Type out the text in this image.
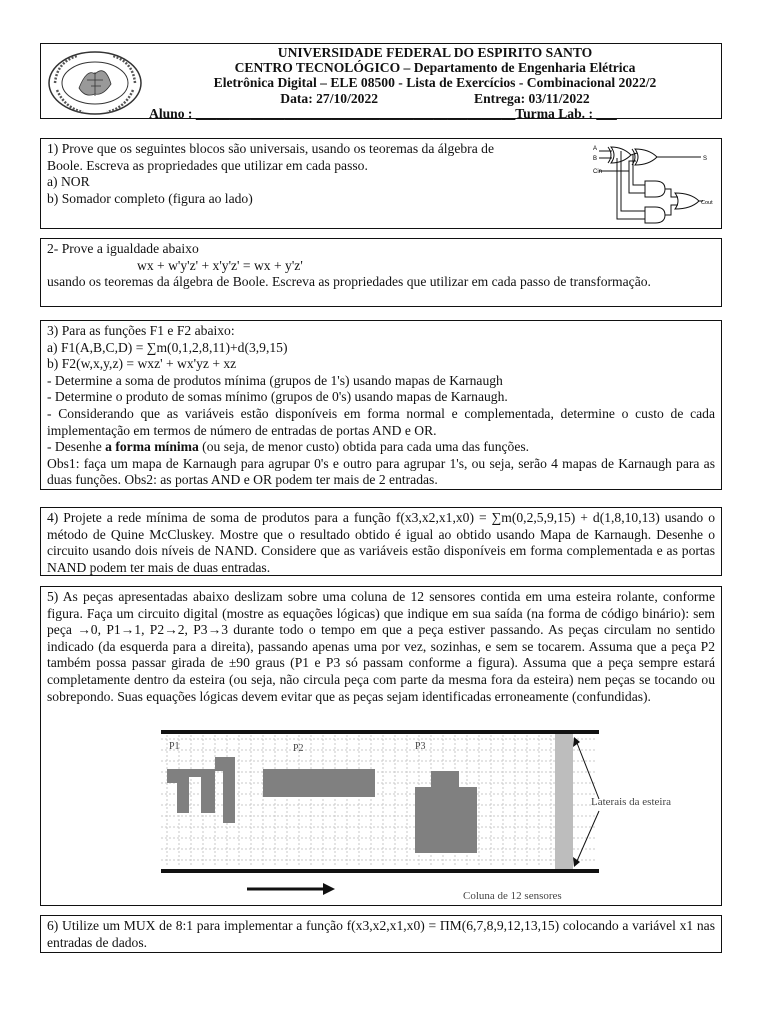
UNIVERSIDADE FEDERAL DO ESPIRITO SANTO
CENTRO TECNOLÓGICO – Departamento de Engenharia Elétrica
Eletrônica Digital – ELE 08500 - Lista de Exercícios - Combinacional 2022/2
Data: 27/10/2022	Entrega: 03/11/2022
Aluno : _______________________________________________Turma Lab. : ___
1) Prove que os seguintes blocos são universais, usando os teoremas da álgebra de
Boole. Escreva as propriedades que utilizar em cada passo.
a) NOR
b) Somador completo (figura ao lado)
A
B
Cin
S
Cout
2- Prove a igualdade abaixo
wx + w'y'z' + x'y'z' = wx + y'z'
usando os teoremas da álgebra de Boole. Escreva as propriedades que utilizar em cada passo de transformação.
3) Para as funções F1 e F2 abaixo:
a) F1(A,B,C,D) = ∑m(0,1,2,8,11)+d(3,9,15)
b) F2(w,x,y,z) = wxz' + wx'yz + xz
- Determine a soma de produtos mínima (grupos de 1's) usando mapas de Karnaugh
- Determine o produto de somas mínimo (grupos de 0's) usando mapas de Karnaugh.
- Considerando que as variáveis estão disponíveis em forma normal e complementada, determine o custo de cada implementação em termos de número de entradas de portas AND e OR.
- Desenhe a forma mínima (ou seja, de menor custo) obtida para cada uma das funções.
Obs1: faça um mapa de Karnaugh para agrupar 0's e outro para agrupar 1's, ou seja, serão 4 mapas de Karnaugh para as duas funções. Obs2: as portas AND e OR podem ter mais de 2 entradas.
4) Projete a rede mínima de soma de produtos para a função f(x3,x2,x1,x0) = ∑m(0,2,5,9,15) + d(1,8,10,13) usando o método de Quine McCluskey. Mostre que o resultado obtido é igual ao obtido usando Mapa de Karnaugh. Desenhe o circuito usando dois níveis de NAND. Considere que as variáveis estão disponíveis em forma complementada e as portas NAND podem ter mais de duas entradas.
5) As peças apresentadas abaixo deslizam sobre uma coluna de 12 sensores contida em uma esteira rolante, conforme figura. Faça um circuito digital (mostre as equações lógicas) que indique em sua saída (na forma de código binário): sem peça →0, P1→1, P2→2, P3→3 durante todo o tempo em que a peça estiver passando. As peças circulam no sentido indicado (da esquerda para a direita), passando apenas uma por vez, sozinhas, e sem se tocarem. Assuma que a peça P2 também possa passar girada de ±90 graus (P1 e P3 só passam conforme a figura). Assuma que a peça sempre estará completamente dentro da esteira (ou seja, não circula peça com parte da mesma fora da esteira) nem peças se tocando ou sobrepondo. Suas equações lógicas devem evitar que as peças sejam identificadas erroneamente (confundidas).
P1	P2	P3
Laterais da esteira
Coluna de 12 sensores
6) Utilize um MUX de 8:1 para implementar a função f(x3,x2,x1,x0) = ΠM(6,7,8,9,12,13,15) colocando a variável x1 nas entradas de dados.
